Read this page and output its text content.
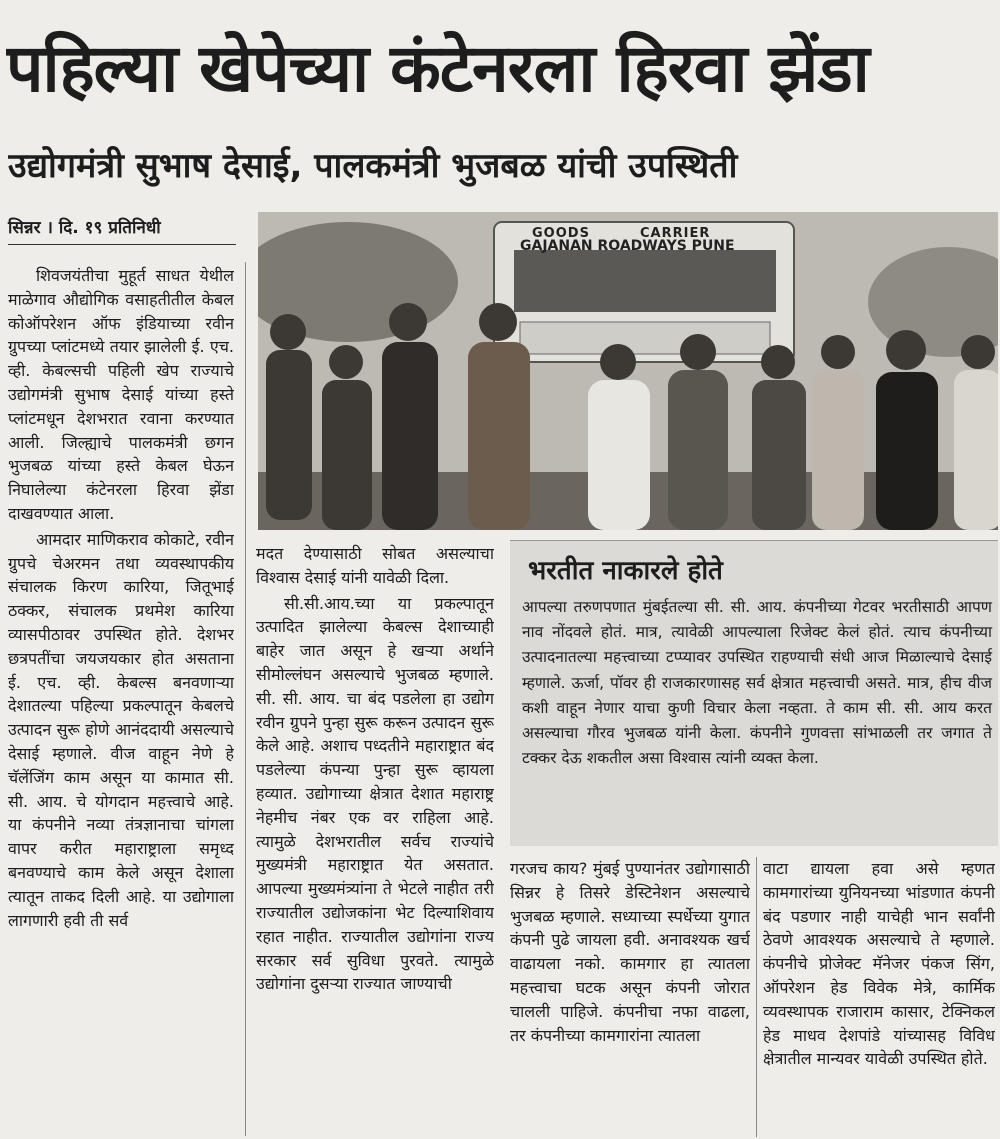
पहिल्या खेपेच्या कंटेनरला हिरवा झेंडा
उद्योगमंत्री सुभाष देसाई, पालकमंत्री भुजबळ यांची उपस्थिती
सिन्नर । दि. १९ प्रतिनिधी	GOODS	CARRIER
GAJANAN ROADWAYS PUNE

शिवजयंतीचा मुहूर्त साधत येथील माळेगाव औद्योगिक वसाहतीतील केबल कोऑपरेशन ऑफ इंडियाच्या रवीन ग्रुपच्या प्लांटमध्ये तयार झालेली ई. एच. व्ही. केबल्सची पहिली खेप राज्याचे उद्योगमंत्री सुभाष देसाई यांच्या हस्ते प्लांटमधून देशभरात रवाना करण्यात आली. जिल्ह्याचे पालकमंत्री छगन भुजबळ यांच्या हस्ते केबल घेऊन निघालेल्या कंटेनरला हिरवा झेंडा दाखवण्यात आला.

आमदार माणिकराव कोकाटे, रवीन ग्रुपचे चेअरमन तथा व्यवस्थापकीय संचालक किरण कारिया, जितूभाई ठक्कर, संचालक प्रथमेश कारिया व्यासपीठावर उपस्थित होते. देशभर छत्रपतींचा जयजयकार होत असताना ई. एच. व्ही. केबल्स बनवणाऱ्या देशातल्या पहिल्या प्रकल्पातून केबलचे उत्पादन सुरू होणे आनंददायी असल्याचे देसाई म्हणाले. वीज वाहून नेणे हे चॅलेंजिंग काम असून या कामात सी. सी. आय. चे योगदान महत्त्वाचे आहे. या कंपनीने नव्या तंत्रज्ञानाचा चांगला वापर करीत महाराष्ट्राला समृध्द बनवण्याचे काम केले असून देशाला त्यातून ताकद दिली आहे. या उद्योगाला लागणारी हवी ती सर्व

मदत देण्यासाठी सोबत असल्याचा विश्वास देसाई यांनी यावेळी दिला.

सी.सी.आय.च्या या प्रकल्पातून उत्पादित झालेल्या केबल्स देशाच्याही बाहेर जात असून हे खऱ्या अर्थाने सीमोल्लंघन असल्याचे भुजबळ म्हणाले. सी. सी. आय. चा बंद पडलेला हा उद्योग रवीन ग्रुपने पुन्हा सुरू करून उत्पादन सुरू केले आहे. अशाच पध्दतीने महाराष्ट्रात बंद पडलेल्या कंपन्या पुन्हा सुरू व्हायला हव्यात. उद्योगाच्या क्षेत्रात देशात महाराष्ट्र नेहमीच नंबर एक वर राहिला आहे. त्यामुळे देशभरातील सर्वच राज्यांचे मुख्यमंत्री महाराष्ट्रात येत असतात. आपल्या मुख्यमंत्र्यांना ते भेटले नाहीत तरी राज्यातील उद्योजकांना भेट दिल्याशिवाय रहात नाहीत. राज्यातील उद्योगांना राज्य सरकार सर्व सुविधा पुरवते. त्यामुळे उद्योगांना दुसऱ्या राज्यात जाण्याची

भरतीत नाकारले होते
आपल्या तरुणपणात मुंबईतल्या सी. सी. आय. कंपनीच्या गेटवर भरतीसाठी आपण नाव नोंदवले होतं. मात्र, त्यावेळी आपल्याला रिजेक्ट केलं होतं. त्याच कंपनीच्या उत्पादनातल्या महत्त्वाच्या टप्प्यावर उपस्थित राहण्याची संधी आज मिळाल्याचे देसाई म्हणाले. ऊर्जा, पॉवर ही राजकारणासह सर्व क्षेत्रात महत्त्वाची असते. मात्र, हीच वीज कशी वाहून नेणार याचा कुणी विचार केला नव्हता. ते काम सी. सी. आय करत असल्याचा गौरव भुजबळ यांनी केला. कंपनीने गुणवत्ता सांभाळली तर जगात ते टक्कर देऊ शकतील असा विश्वास त्यांनी व्यक्त केला.

गरजच काय? मुंबई पुण्यानंतर उद्योगासाठी सिन्नर हे तिसरे डेस्टिनेशन असल्याचे भुजबळ म्हणाले. सध्याच्या स्पर्धेच्या युगात कंपनी पुढे जायला हवी. अनावश्यक खर्च वाढायला नको. कामगार हा त्यातला महत्त्वाचा घटक असून कंपनी जोरात चालली पाहिजे. कंपनीचा नफा वाढला, तर कंपनीच्या कामगारांना त्यातला

वाटा द्यायला हवा असे म्हणत कामगारांच्या युनियनच्या भांडणात कंपनी बंद पडणार नाही याचेही भान सर्वांनी ठेवणे आवश्यक असल्याचे ते म्हणाले. कंपनीचे प्रोजेक्ट मॅनेजर पंकज सिंग, ऑपरेशन हेड विवेक मेत्रे, कार्मिक व्यवस्थापक राजाराम कासार, टेक्निकल हेड माधव देशपांडे यांच्यासह विविध क्षेत्रातील मान्यवर यावेळी उपस्थित होते.
